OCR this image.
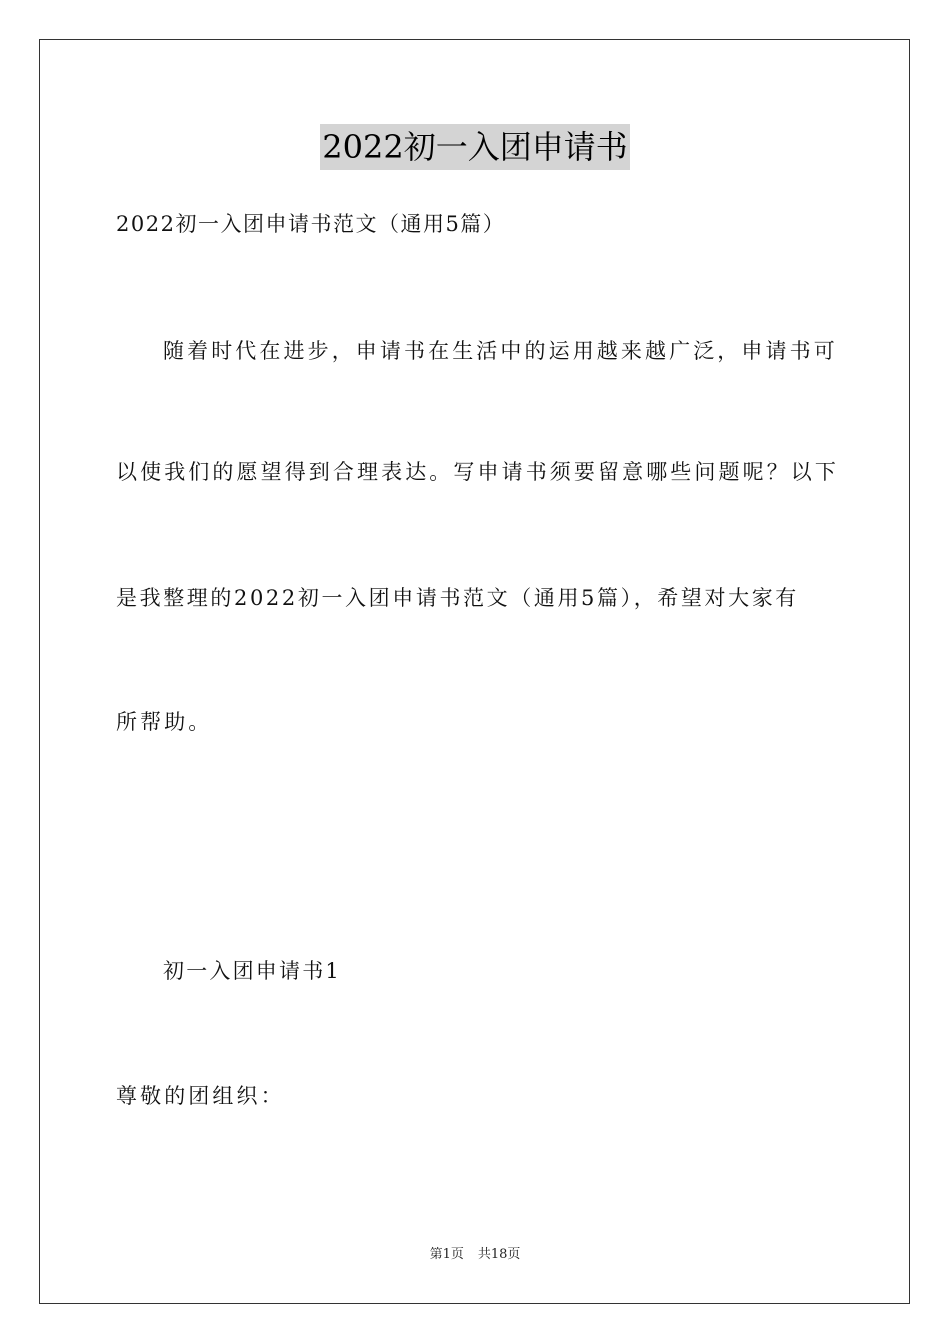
2022初一入团申请书
2022初一入团申请书范文（通用5篇）
随着时代在进步，申请书在生活中的运用越来越广泛，申请书可
以使我们的愿望得到合理表达。写申请书须要留意哪些问题呢？以下
是我整理的2022初一入团申请书范文（通用5篇），希望对大家有
所帮助。
初一入团申请书1
尊敬的团组织：
第1页 共18页
